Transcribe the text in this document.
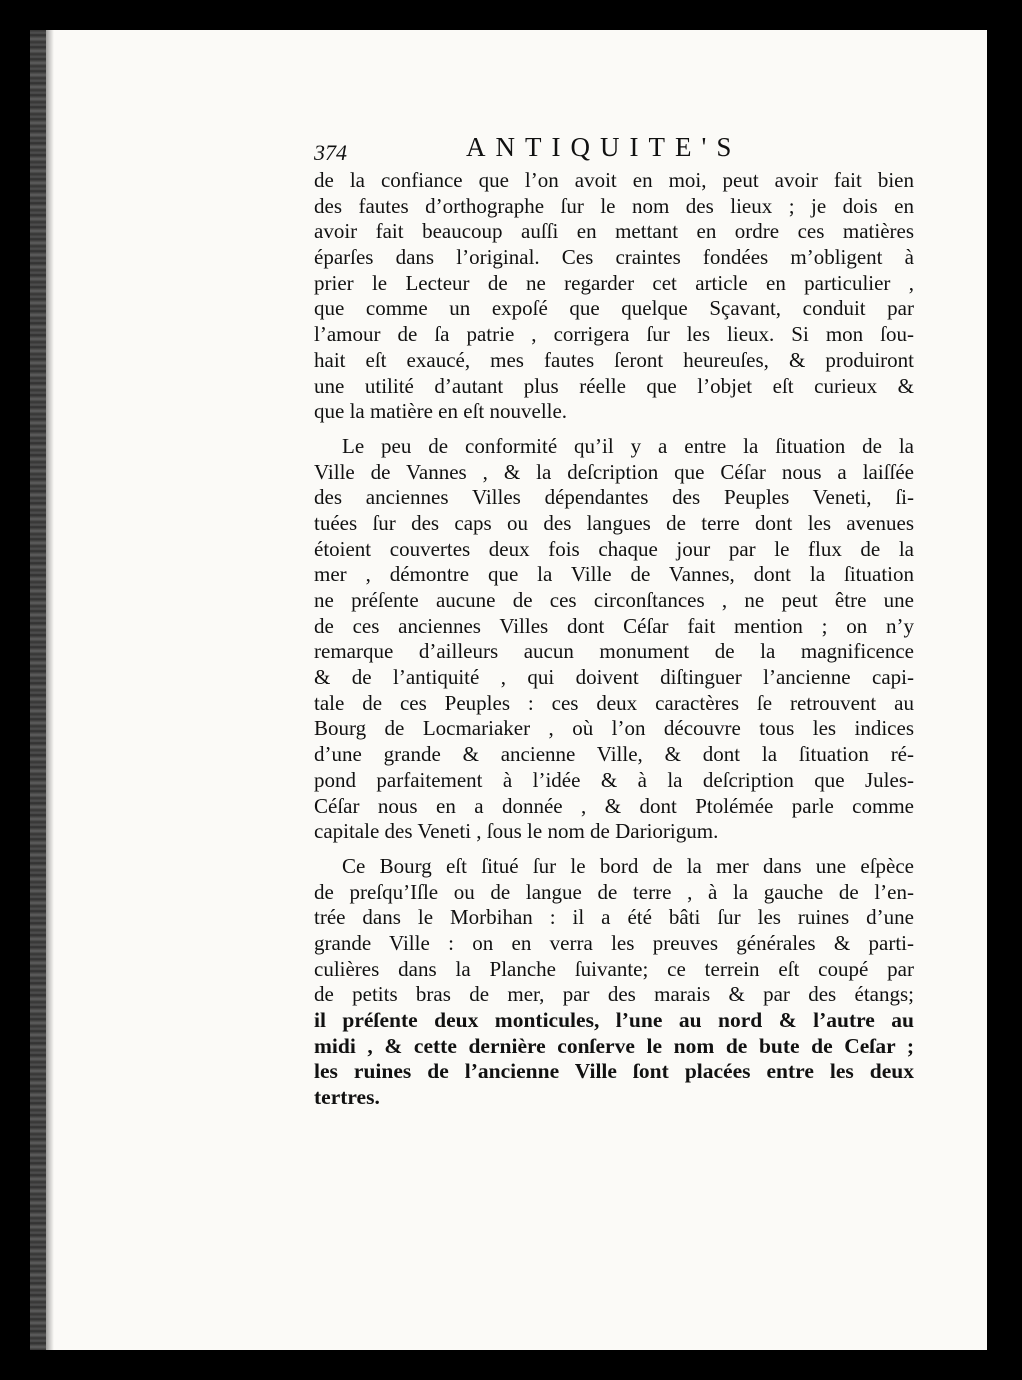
374	ANTIQUITE'S
de la confiance que l’on avoit en moi, peut avoir fait bien
des fautes d’orthographe ſur le nom des lieux ; je dois en
avoir fait beaucoup auſſi en mettant en ordre ces matières
éparſes dans l’original. Ces craintes fondées m’obligent à
prier le Lecteur de ne regarder cet article en particulier ,
que comme un expoſé que quelque Sçavant, conduit par
l’amour de ſa patrie , corrigera ſur les lieux. Si mon ſou-
hait eſt exaucé, mes fautes ſeront heureuſes, & produiront
une utilité d’autant plus réelle que l’objet eſt curieux &
que la matière en eſt nouvelle.
Le peu de conformité qu’il y a entre la ſituation de la
Ville de Vannes , & la deſcription que Céſar nous a laiſſée
des anciennes Villes dépendantes des Peuples Veneti, ſi-
tuées ſur des caps ou des langues de terre dont les avenues
étoient couvertes deux fois chaque jour par le flux de la
mer , démontre que la Ville de Vannes, dont la ſituation
ne préſente aucune de ces circonſtances , ne peut être une
de ces anciennes Villes dont Céſar fait mention ; on n’y
remarque d’ailleurs aucun monument de la magnificence
& de l’antiquité , qui doivent diſtinguer l’ancienne capi-
tale de ces Peuples : ces deux caractères ſe retrouvent au
Bourg de Locmariaker , où l’on découvre tous les indices
d’une grande & ancienne Ville, & dont la ſituation ré-
pond parfaitement à l’idée & à la deſcription que Jules-
Céſar nous en a donnée , & dont Ptolémée parle comme
capitale des Veneti , ſous le nom de Dariorigum.
Ce Bourg eſt ſitué ſur le bord de la mer dans une eſpèce
de preſqu’Iſle ou de langue de terre , à la gauche de l’en-
trée dans le Morbihan : il a été bâti ſur les ruines d’une
grande Ville : on en verra les preuves générales & parti-
culières dans la Planche ſuivante; ce terrein eſt coupé par
de petits bras de mer, par des marais & par des étangs;
il préſente deux monticules, l’une au nord & l’autre au
midi , & cette dernière conſerve le nom de bute de Ceſar ;
les ruines de l’ancienne Ville ſont placées entre les deux
tertres.
